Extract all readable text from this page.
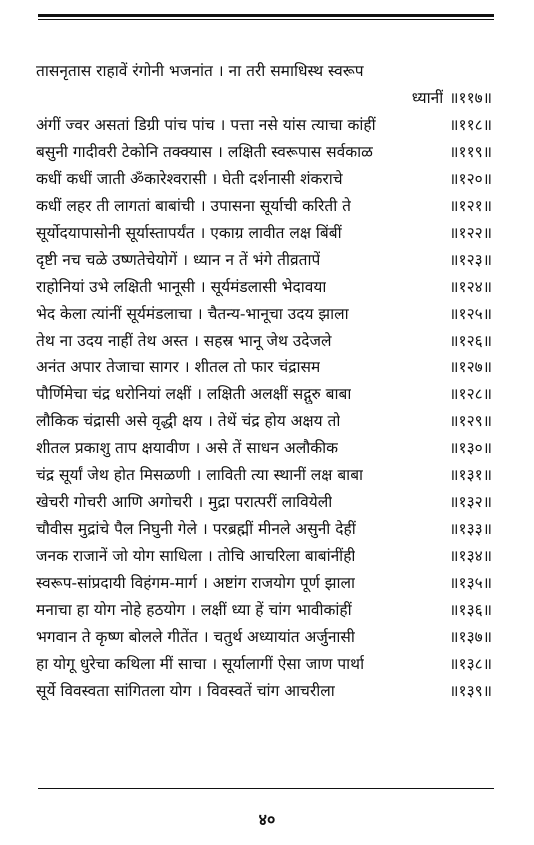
तासनृतास राहावें रंगोनी भजनांत । ना तरी समाधिस्थ स्वरूप
ध्यानीं ॥११७॥
अंगीं ज्वर असतां डिग्री पांच पांच । पत्ता नसे यांस त्याचा कांहीं	॥११८॥
बसुनी गादीवरी टेकोनि तक्क्यास । लक्षिती स्वरूपास सर्वकाळ	॥११९॥
कधीं कधीं जाती ॐकारेश्वरासी । घेती दर्शनासी शंकराचे	॥१२०॥
कधीं लहर ती लागतां बाबांची । उपासना सूर्याची करिती ते	॥१२१॥
सूर्योदयापासोनी सूर्यास्तापर्यंत । एकाग्र लावीत लक्ष बिंबीं	॥१२२॥
दृष्टी नच चळे उष्णतेचेयोगें । ध्यान न तें भंगे तीव्रतापें	॥१२३॥
राहोनियां उभे लक्षिती भानूसी । सूर्यमंडलासी भेदावया	॥१२४॥
भेद केला त्यांनीं सूर्यमंडलाचा । चैतन्य-भानूचा उदय झाला	॥१२५॥
तेथ ना उदय नाहीं तेथ अस्त । सहस्र भानू जेथ उदेजले	॥१२६॥
अनंत अपार तेजाचा सागर । शीतल तो फार चंद्रासम	॥१२७॥
पौर्णिमेचा चंद्र धरोनियां लक्षीं । लक्षिती अलक्षीं सद्गुरु बाबा	॥१२८॥
लौकिक चंद्रासी असे वृद्धी क्षय । तेथें चंद्र होय अक्षय तो	॥१२९॥
शीतल प्रकाशु ताप क्षयावीण । असे तें साधन अलौकीक	॥१३०॥
चंद्र सूर्यां जेथ होत मिसळणी । लाविती त्या स्थानीं लक्ष बाबा	॥१३१॥
खेचरी गोचरी आणि अगोचरी । मुद्रा परात्परीं लावियेली	॥१३२॥
चौवीस मुद्रांचे पैल निघुनी गेले । परब्रह्मीं मीनले असुनी देहीं	॥१३३॥
जनक राजानें जो योग साधिला । तोचि आचरिला बाबांनींही	॥१३४॥
स्वरूप-सांप्रदायी विहंगम-मार्ग । अष्टांग राजयोग पूर्ण झाला	॥१३५॥
मनाचा हा योग नोहे हठयोग । लक्षीं ध्या हें चांग भावीकांहीं	॥१३६॥
भगवान ते कृष्ण बोलले गीतेंत । चतुर्थ अध्यायांत अर्जुनासी	॥१३७॥
हा योगू धुरेचा कथिला मीं साचा । सूर्यालागीं ऐसा जाण पार्था	॥१३८॥
सूर्ये विवस्वता सांगितला योग । विवस्वतें चांग आचरीला	॥१३९॥
४०
